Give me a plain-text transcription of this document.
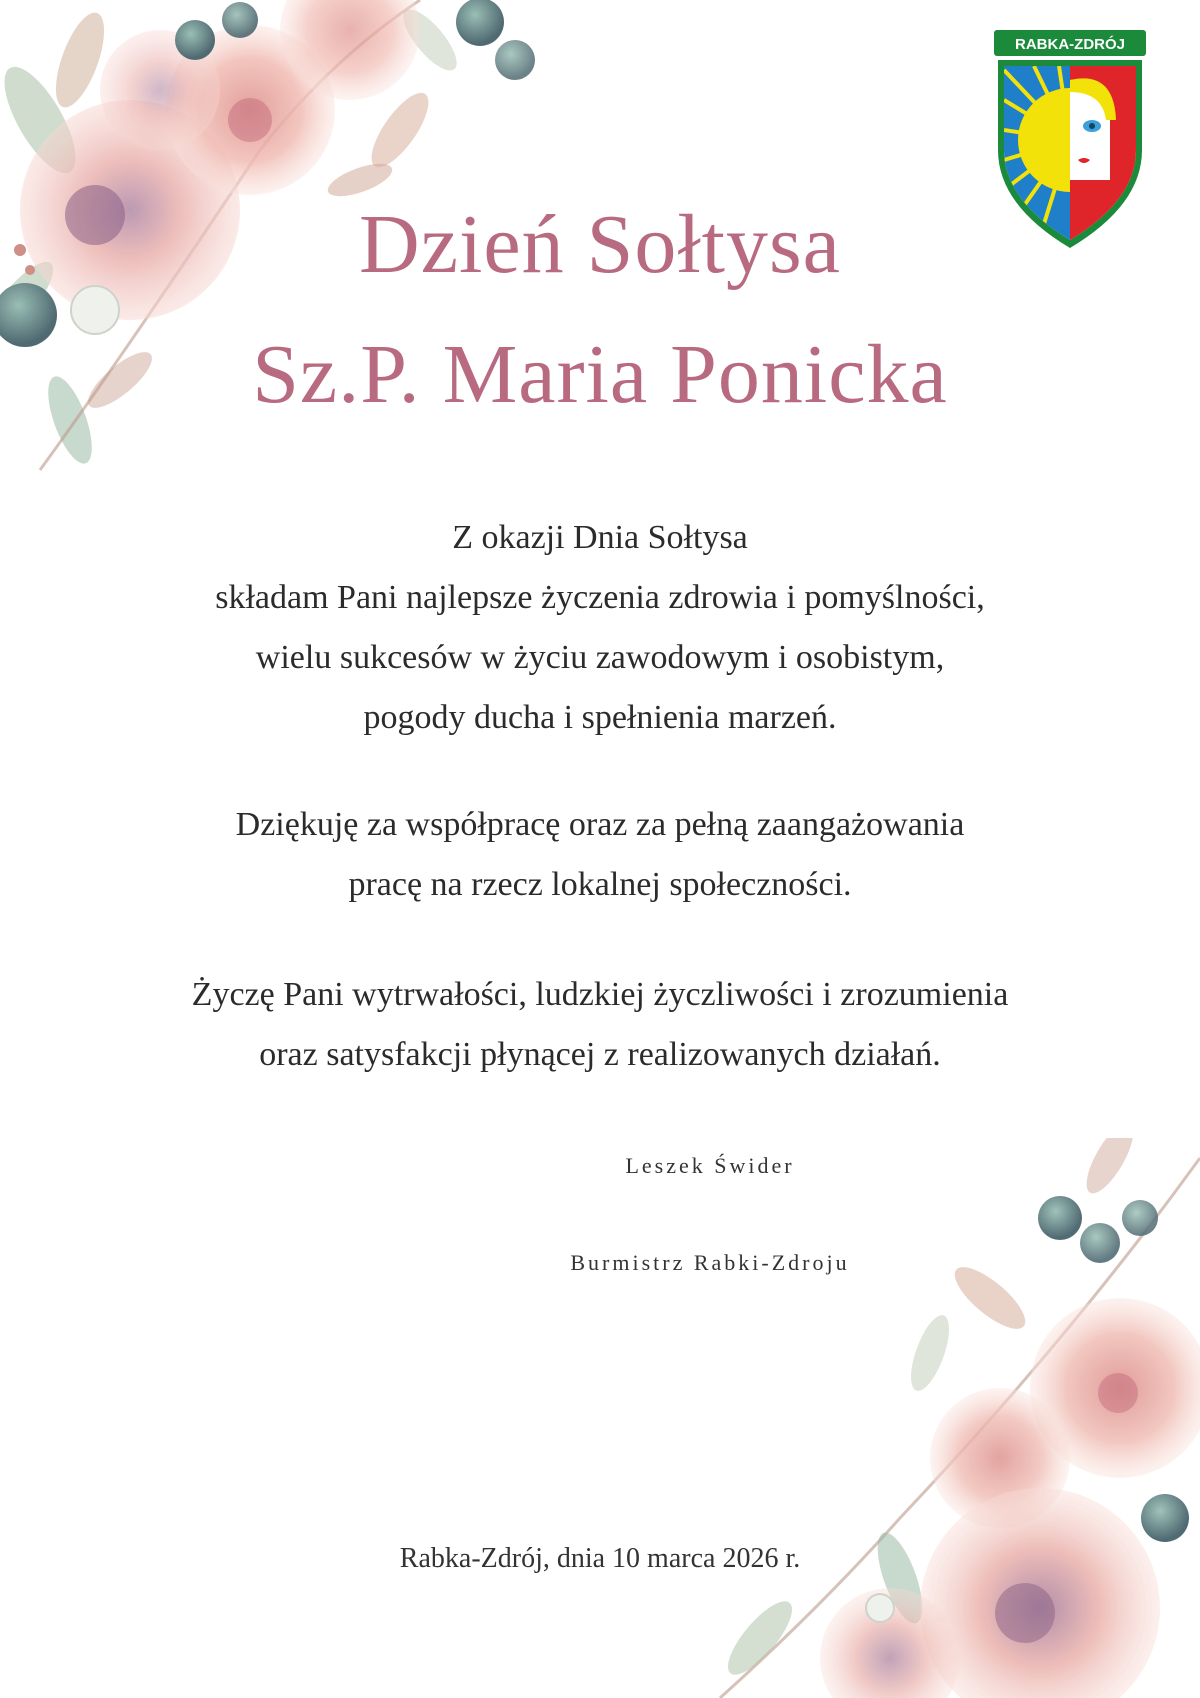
RABKA-ZDRÓJ
Dzień Sołtysa
Sz.P. Maria Ponicka
Z okazji Dnia Sołtysa
składam Pani najlepsze życzenia zdrowia i pomyślności,
wielu sukcesów w życiu zawodowym i osobistym,
pogody ducha i spełnienia marzeń.
Dziękuję za współpracę oraz za pełną zaangażowania
pracę na rzecz lokalnej społeczności.
Życzę Pani wytrwałości, ludzkiej życzliwości i zrozumienia
oraz satysfakcji płynącej z realizowanych działań.
Leszek Świder
Burmistrz Rabki-Zdroju
Rabka-Zdrój, dnia 10 marca 2026 r.
